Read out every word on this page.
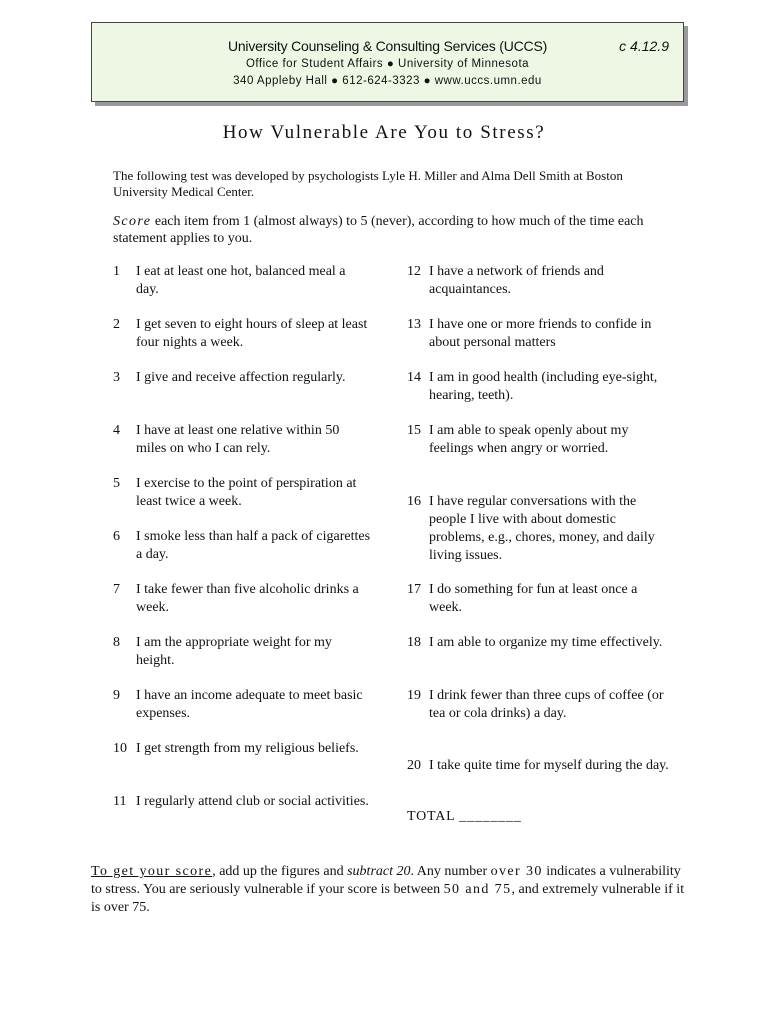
University Counseling & Consulting Services (UCCS)	c 4.12.9
Office for Student Affairs ● University of Minnesota
340 Appleby Hall ● 612-624-3323 ● www.uccs.umn.edu
How Vulnerable Are You to Stress?
The following test was developed by psychologists Lyle H. Miller and Alma Dell Smith at Boston University Medical Center.
Score each item from 1 (almost always) to 5 (never), according to how much of the time each statement applies to you.
1 I eat at least one hot, balanced meal a day.
2 I get seven to eight hours of sleep at least four nights a week.
3 I give and receive affection regularly.
4 I have at least one relative within 50 miles on who I can rely.
5 I exercise to the point of perspiration at least twice a week.
6 I smoke less than half a pack of cigarettes a day.
7 I take fewer than five alcoholic drinks a week.
8 I am the appropriate weight for my height.
9 I have an income adequate to meet basic expenses.
10 I get strength from my religious beliefs.
11 I regularly attend club or social activities.
12 I have a network of friends and acquaintances.
13 I have one or more friends to confide in about personal matters
14 I am in good health (including eye-sight, hearing, teeth).
15 I am able to speak openly about my feelings when angry or worried.
16 I have regular conversations with the people I live with about domestic problems, e.g., chores, money, and daily living issues.
17 I do something for fun at least once a week.
18 I am able to organize my time effectively.
19 I drink fewer than three cups of coffee (or tea or cola drinks) a day.
20 I take quite time for myself during the day.
TOTAL ________
To get your score, add up the figures and subtract 20. Any number over 30 indicates a vulnerability to stress. You are seriously vulnerable if your score is between 50 and 75, and extremely vulnerable if it is over 75.
